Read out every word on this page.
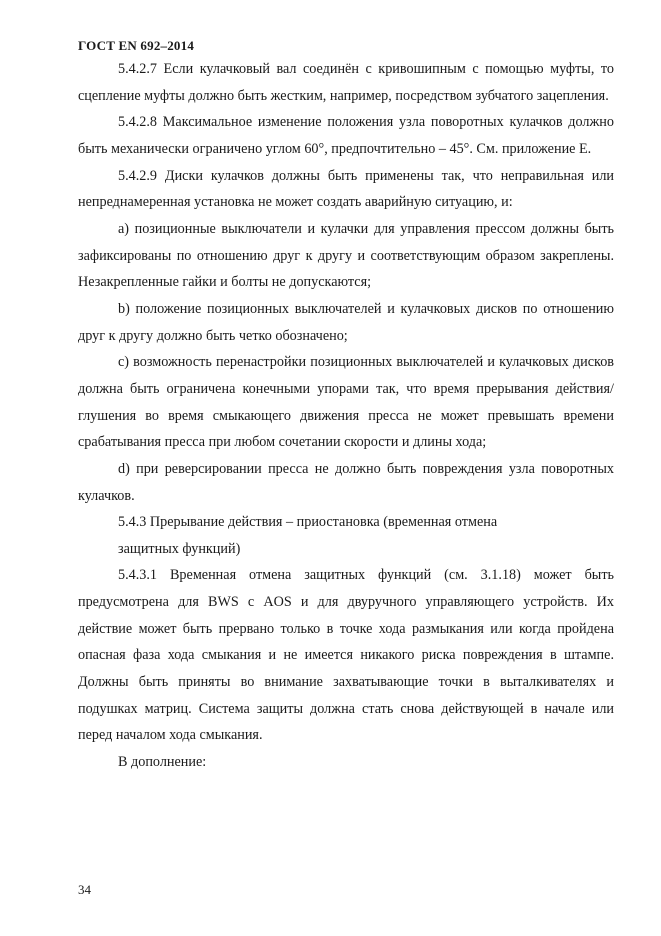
ГОСТ EN 692–2014

5.4.2.7 Если кулачковый вал соединён с кривошипным с помощью муфты, то сцепление муфты должно быть жестким, например, посредством зубчатого зацепления.

5.4.2.8 Максимальное изменение положения узла поворотных кулачков должно быть механически ограничено углом 60°, предпочтительно – 45°. См. приложение Е.

5.4.2.9 Диски кулачков должны быть применены так, что неправильная или непреднамеренная установка не может создать аварийную ситуацию, и:

a) позиционные выключатели и кулачки для управления прессом должны быть зафиксированы по отношению друг к другу и соответствующим образом закреплены. Незакрепленные гайки и болты не допускаются;

b) положение позиционных выключателей и кулачковых дисков по отношению друг к другу должно быть четко обозначено;

c) возможность перенастройки позиционных выключателей и кулачковых дисков должна быть ограничена конечными упорами так, что время прерывания действия/глушения во время смыкающего движения пресса не может превышать времени срабатывания пресса при любом сочетании скорости и длины хода;

d) при реверсировании пресса не должно быть повреждения узла поворотных кулачков.

5.4.3 Прерывание действия – приостановка (временная отмена

защитных функций)

5.4.3.1 Временная отмена защитных функций (см. 3.1.18) может быть предусмотрена для BWS с AOS и для двуручного управляющего устройств. Их действие может быть прервано только в точке хода размыкания или когда пройдена опасная фаза хода смыкания и не имеется никакого риска повреждения в штампе. Должны быть приняты во внимание захватывающие точки в выталкивателях и подушках матриц. Система защиты должна стать снова действующей в начале или перед началом хода смыкания.

В дополнение:

34
